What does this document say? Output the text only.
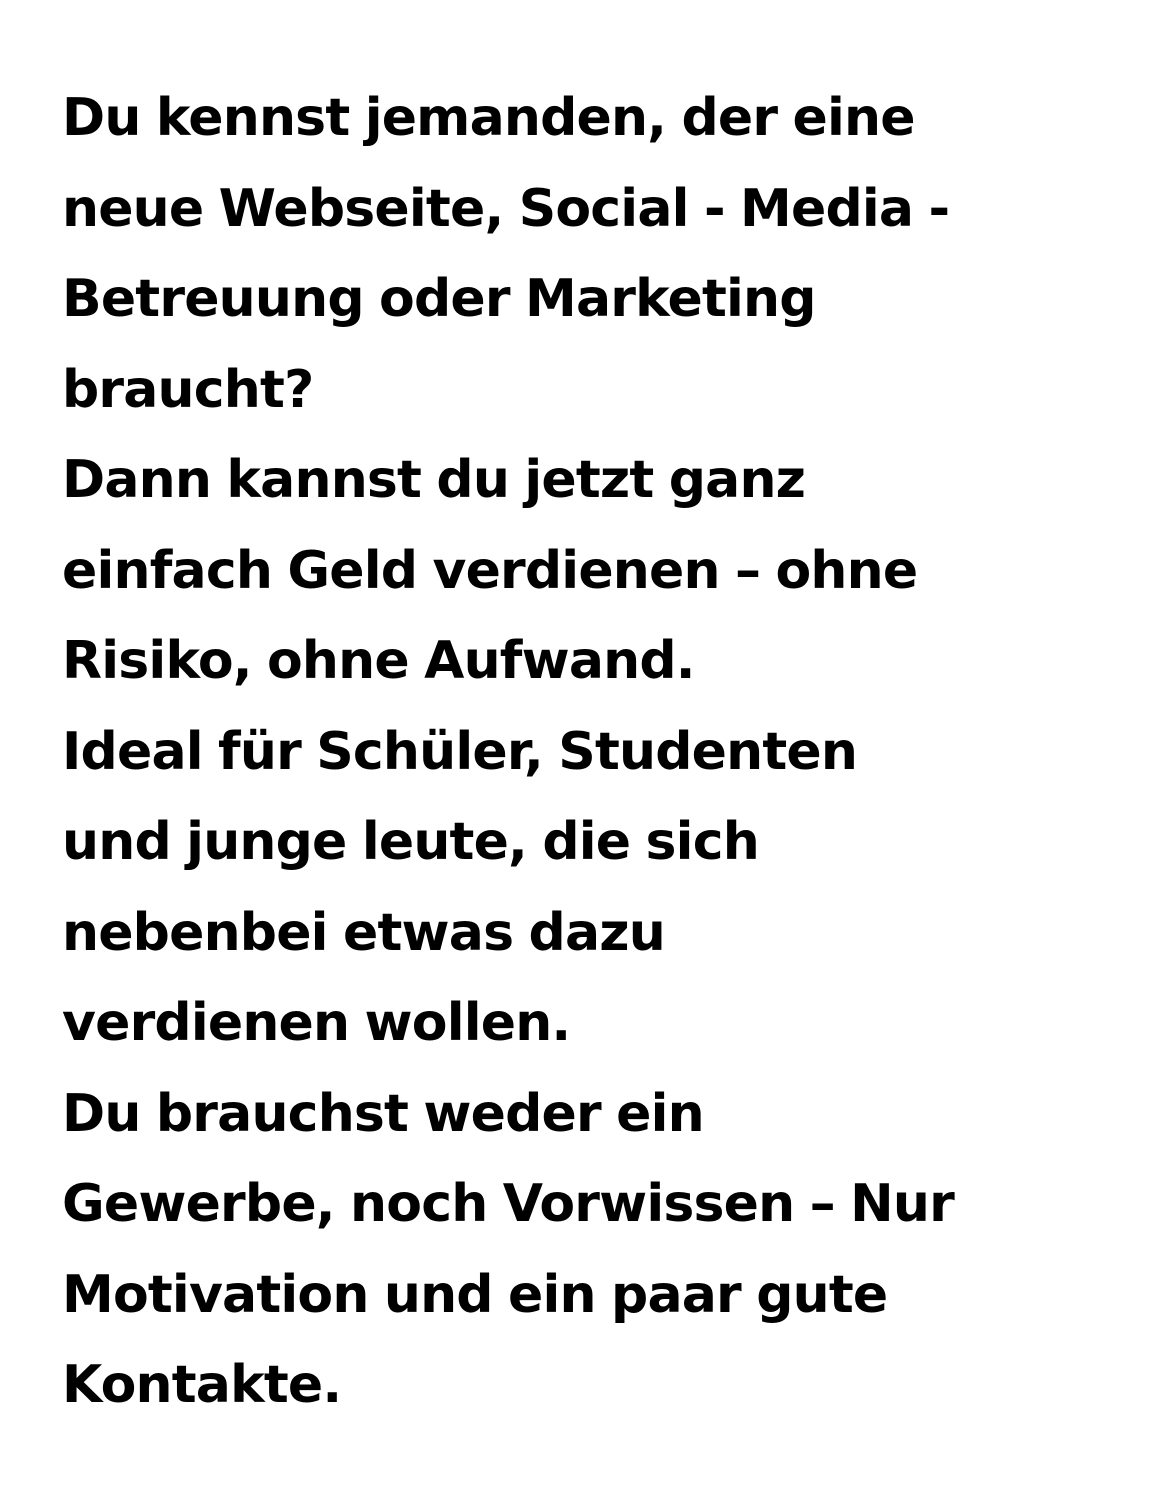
Du kennst jemanden, der eine
neue Webseite, Social - Media -
Betreuung oder Marketing
braucht?
Dann kannst du jetzt ganz
einfach Geld verdienen – ohne
Risiko, ohne Aufwand.
Ideal für Schüler, Studenten
und junge leute, die sich
nebenbei etwas dazu
verdienen wollen.
Du brauchst weder ein
Gewerbe, noch Vorwissen – Nur
Motivation und ein paar gute
Kontakte.
